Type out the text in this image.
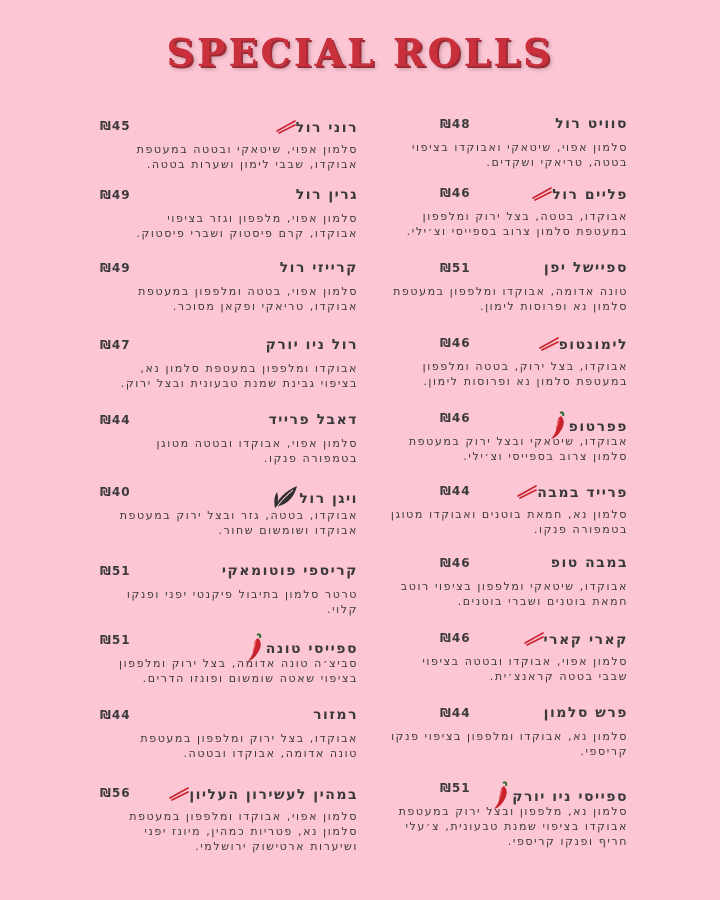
SPECIAL ROLLS
סוויט רול
₪48
סלמון אפוי, שיטאקי ואבוקדו בציפוי בטטה, טריאקי ושקדים.
פליים רול
₪46
אבוקדו, בטטה, בצל ירוק ומלפפון במעטפת סלמון צרוב בספייסי וצ׳ילי.
ספיישל יפן
₪51
טונה אדומה, אבוקדו ומלפפון במעטפת סלמון נא ופרוסות לימון.
לימונטופ
₪46
אבוקדו, בצל ירוק, בטטה ומלפפון במעטפת סלמון נא ופרוסות לימון.
פפרטופ
₪46
אבוקדו, שיטאקי ובצל ירוק במעטפת סלמון צרוב בספייסי וצ׳ילי.
פרייד במבה
₪44
סלמון נא, חמאת בוטנים ואבוקדו מטוגן בטמפורה פנקו.
במבה טופ
₪46
אבוקדו, שיטאקי ומלפפון בציפוי רוטב חמאת בוטנים ושברי בוטנים.
קארי קארי
₪46
סלמון אפוי, אבוקדו ובטטה בציפוי שבבי בטטה קראנצ׳ית.
פרש סלמון
₪44
סלמון נא, אבוקדו ומלפפון בציפוי פנקו קריספי.
ספייסי ניו יורק
₪51
סלמון נא, מלפפון ובצל ירוק במעטפת אבוקדו בציפוי שמנת טבעונית, צ׳עלי חריף ופנקו קריספי.
רוני רול
₪45
סלמון אפוי, שיטאקי ובטטה במעטפת אבוקדו, שבבי לימון ושערות בטטה.
גרין רול
₪49
סלמון אפוי, מלפפון וגזר בציפוי אבוקדו, קרם פיסטוק ושברי פיסטוק.
קרייזי רול
₪49
סלמון אפוי, בטטה ומלפפון במעטפת אבוקדו, טריאקי ופקאן מסוכר.
רול ניו יורק
₪47
אבוקדו ומלפפון במעטפת סלמון נא, בציפוי גבינת שמנת טבעונית ובצל ירוק.
דאבל פרייד
₪44
סלמון אפוי, אבוקדו ובטטה מטוגן בטמפורה פנקו.
ויגן רול
₪40
אבוקדו, בטטה, גזר ובצל ירוק במעטפת אבוקדו ושומשום שחור.
קריספי פוטומאקי
₪51
טרטר סלמון בתיבול פיקנטי יפני ופנקו קלוי.
ספייסי טונה
₪51
סביצ׳ה טונה אדומה, בצל ירוק ומלפפון בציפוי שאטה שומשום ופונזו הדרים.
רמזור
₪44
אבוקדו, בצל ירוק ומלפפון במעטפת טונה אדומה, אבוקדו ובטטה.
במהין לעשירון העליון
₪56
סלמון אפוי, אבוקדו ומלפפון במעטפת סלמון נא, פטריות כמהין, מיונז יפני ושיערות ארטישוק ירושלמי.
